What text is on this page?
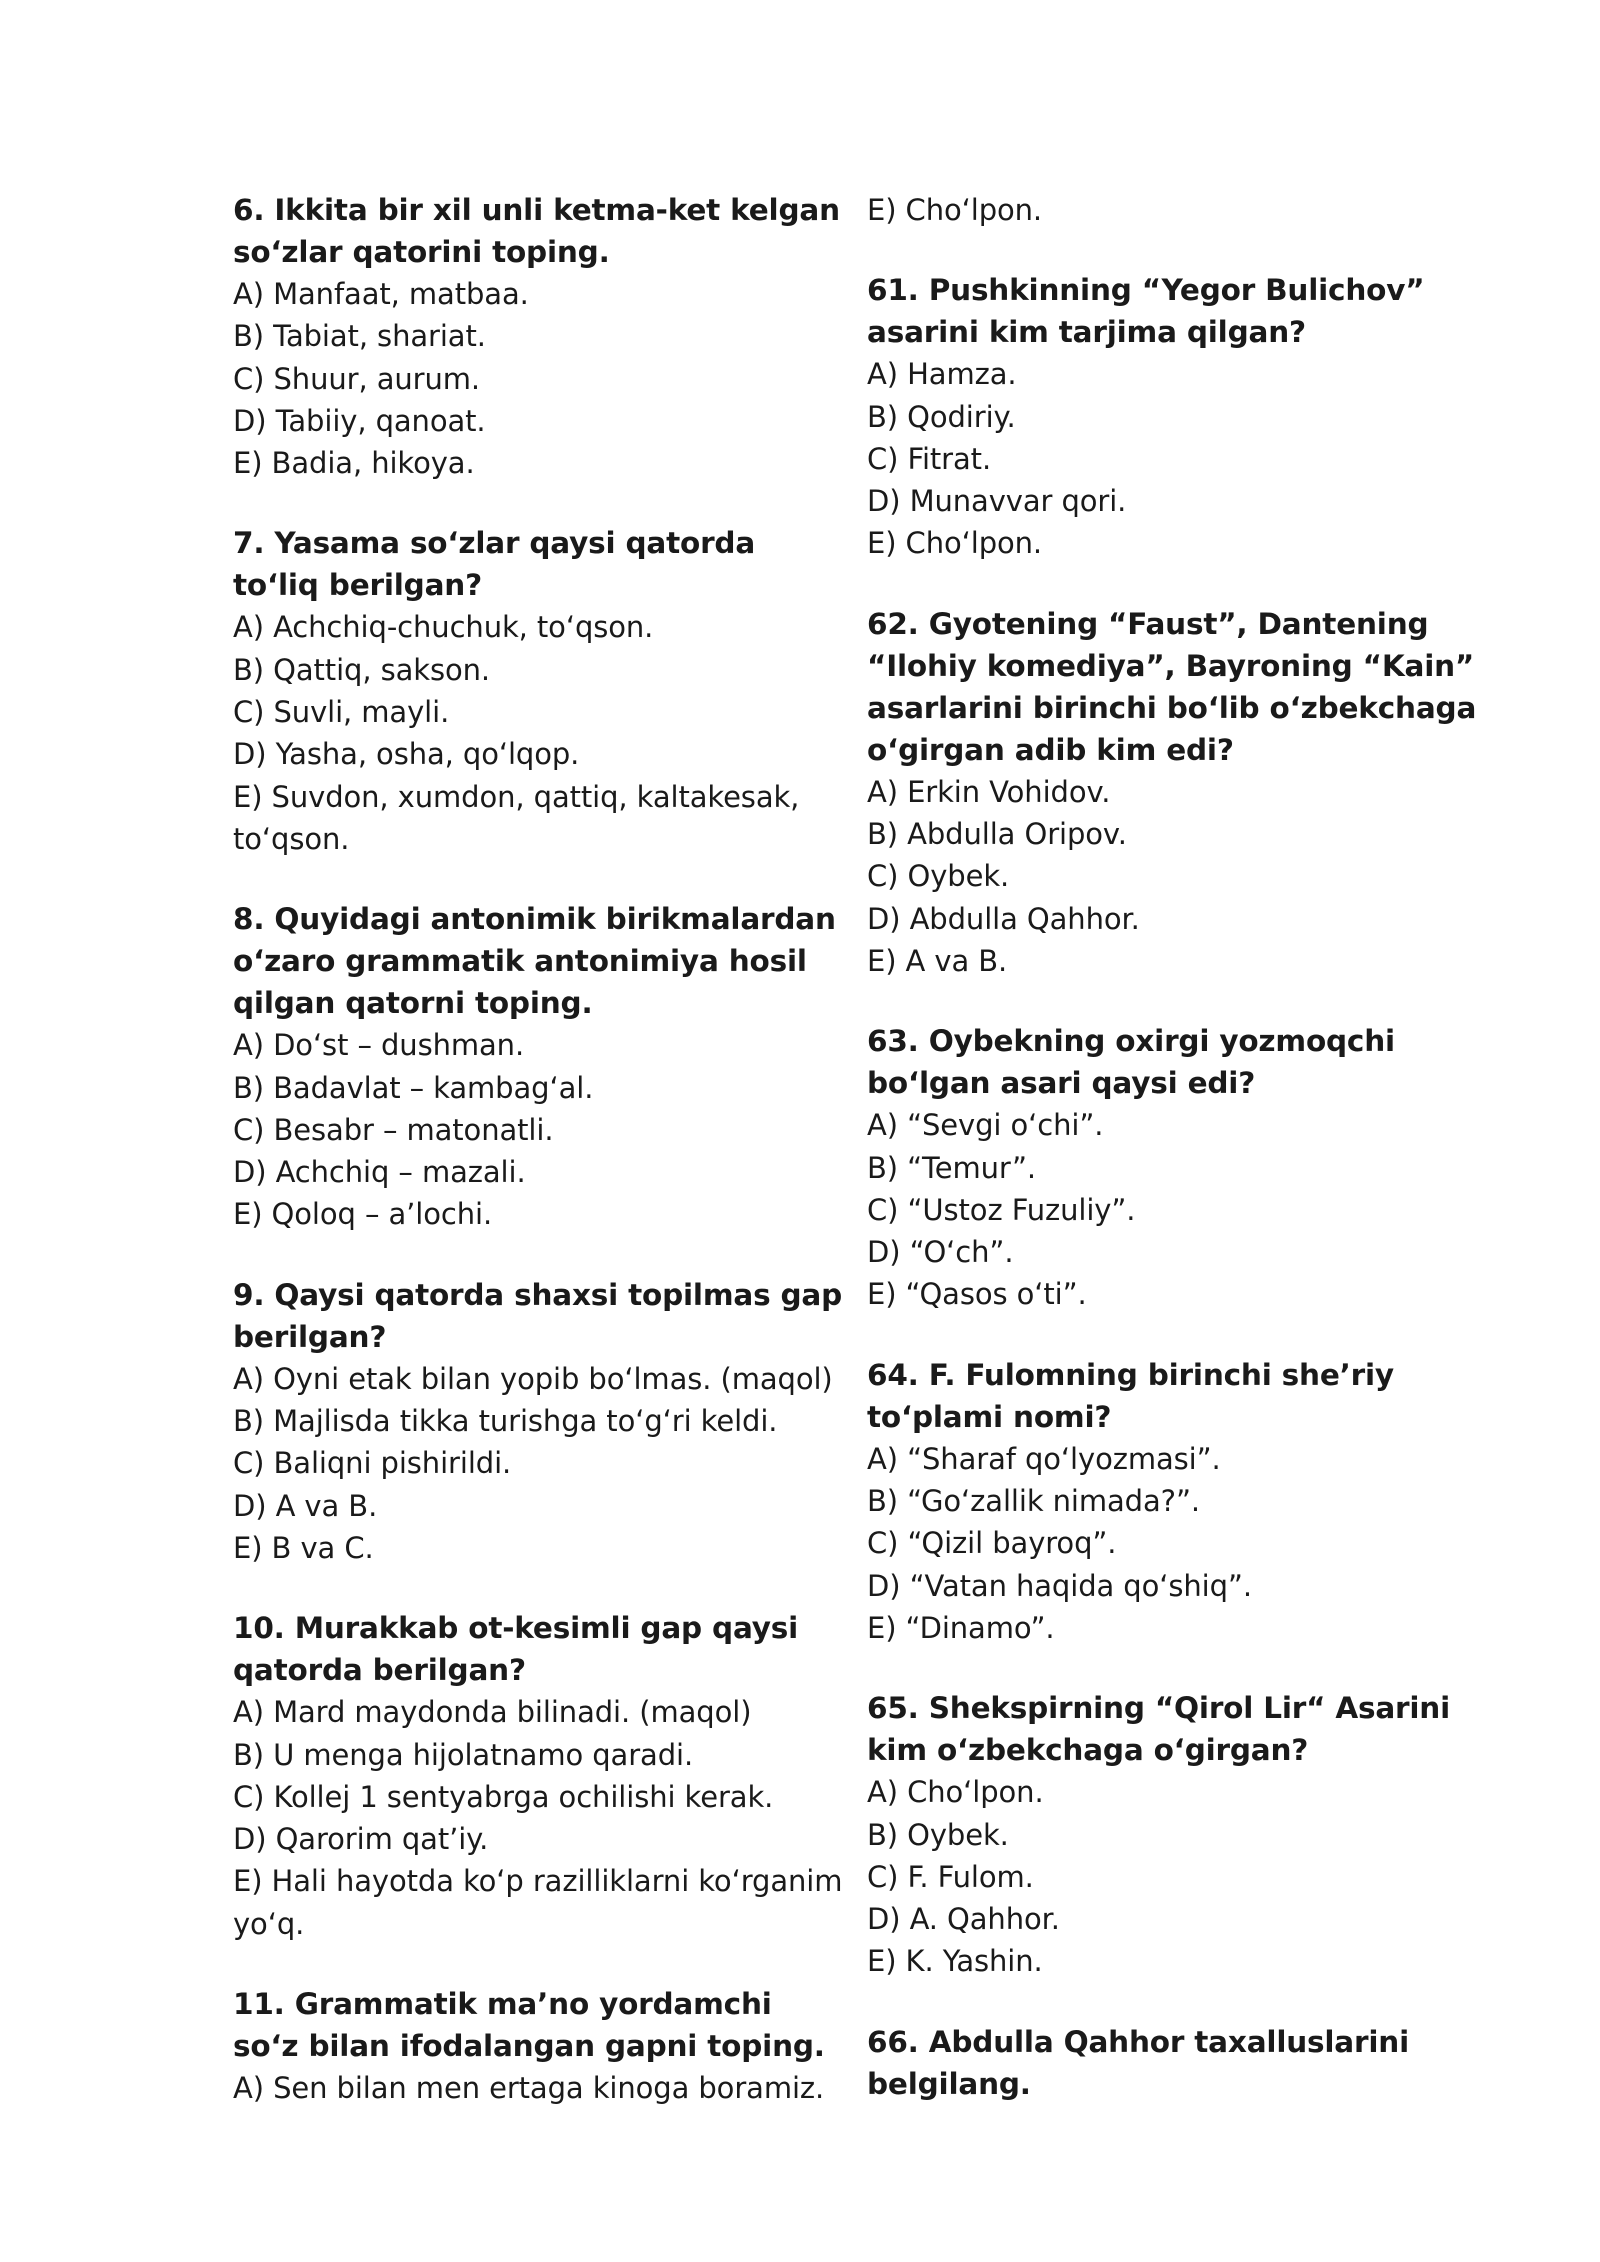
6. Ikkita bir xil unli ketma-ket kelgan so‘zlar qatorini toping.

A) Manfaat, matbaa.

B) Tabiat, shariat.

C) Shuur, aurum.

D) Tabiiy, qanoat.

E) Badia, hikoya.

7. Yasama so‘zlar qaysi qatorda to‘liq berilgan?

A) Achchiq-chuchuk, to‘qson.

B) Qattiq, sakson.

C) Suvli, mayli.

D) Yasha, osha, qo‘lqop.

E) Suvdon, xumdon, qattiq, kaltakesak, to‘qson.

8. Quyidagi antonimik birikmalardan o‘zaro grammatik antonimiya hosil qilgan qatorni toping.

A) Do‘st – dushman.

B) Badavlat – kambag‘al.

C) Besabr – matonatli.

D) Achchiq – mazali.

E) Qoloq – a’lochi.

9. Qaysi qatorda shaxsi topilmas gap berilgan?

A) Oyni etak bilan yopib bo‘lmas. (maqol)

B) Majlisda tikka turishga to‘g‘ri keldi.

C) Baliqni pishirildi.

D) A va B.

E) B va C.

10. Murakkab ot-kesimli gap qaysi qatorda berilgan?

A) Mard maydonda bilinadi. (maqol)

B) U menga hijolatnamo qaradi.

C) Kollej 1 sentyabrga ochilishi kerak.

D) Qarorim qat’iy.

E) Hali hayotda ko‘p razilliklarni ko‘rganim yo‘q.

11. Grammatik ma’no yordamchi so‘z bilan ifodalangan gapni toping.

A) Sen bilan men ertaga kinoga boramiz.

E) Cho‘lpon.

61. Pushkinning “Yegor Bulichov” asarini kim tarjima qilgan?

A) Hamza.

B) Qodiriy.

C) Fitrat.

D) Munavvar qori.

E) Cho‘lpon.

62. Gyotening “Faust”, Dantening “Ilohiy komediya”, Bayroning “Kain” asarlarini birinchi bo‘lib o‘zbekchaga o‘girgan adib kim edi?

A) Erkin Vohidov.

B) Abdulla Oripov.

C) Oybek.

D) Abdulla Qahhor.

E) A va B.

63. Oybekning oxirgi yozmoqchi bo‘lgan asari qaysi edi?

A) “Sevgi o‘chi”.

B) “Temur”.

C) “Ustoz Fuzuliy”.

D) “O‘ch”.

E) “Qasos o‘ti”.

64. F. Fulomning birinchi she’riy to‘plami nomi?

A) “Sharaf qo‘lyozmasi”.

B) “Go‘zallik nimada?”.

C) “Qizil bayroq”.

D) “Vatan haqida qo‘shiq”.

E) “Dinamo”.

65. Shekspirning “Qirol Lir“ Asarini kim o‘zbekchaga o‘girgan?

A) Cho‘lpon.

B) Oybek.

C) F. Fulom.

D) A. Qahhor.

E) K. Yashin.

66. Abdulla Qahhor taxalluslarini belgilang.
